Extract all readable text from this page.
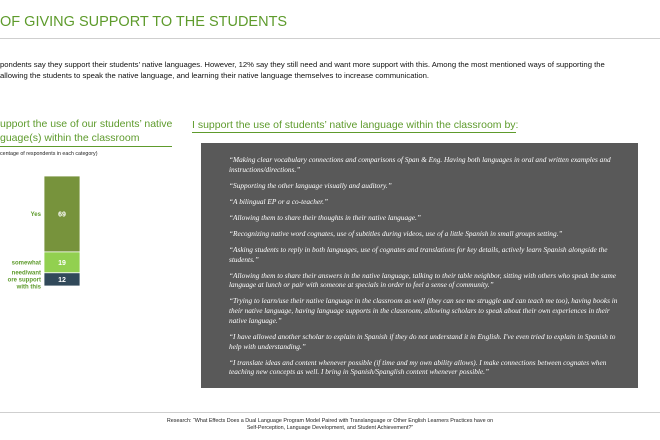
OF GIVING SUPPORT TO THE STUDENTS
pondents say they support their students’ native languages. However, 12% say they still need and want more support with this. Among the most mentioned ways of supporting the
allowing the students to speak the native language, and learning their native language themselves to increase communication.
upport the use of our students’ native
guage(s) within the classroom
centage of respondents in each category)
69
19
12
Yes
somewhat
need/want ore support with this
I support the use of students’ native language within the classroom by:

“Making clear vocabulary connections and comparisons of Span & Eng. Having both languages in oral and written examples and instructions/directions.”

“Supporting the other language visually and auditory.”

“A bilingual EP or a co-teacher.”

“Allowing them to share their thoughts in their native language.”

“Recognizing native word cognates, use of subtitles during videos, use of a little Spanish in small groups setting.”

“Asking students to reply in both languages, use of cognates and translations for key details, actively learn Spanish alongside the students.”

“Allowing them to share their answers in the native language, talking to their table neighbor, sitting with others who speak the same language at lunch or pair with someone at specials in order to feel a sense of community.”

“Trying to learn/use their native language in the classroom as well (they can see me struggle and can teach me too), having books in their native language, having language supports in the classroom, allowing scholars to speak about their own experiences in their native language.”

“I have allowed another scholar to explain in Spanish if they do not understand it in English. I've even tried to explain in Spanish to help with understanding.”

“I translate ideas and content whenever possible (if time and my own ability allows). I make connections between cognates when teaching new concepts as well. I bring in Spanish/Spanglish content whenever possible.”

Research: “What Effects Does a Dual Language Program Model Paired with Translanguage or Other English Learners Practices have on
Self-Perception, Language Development, and Student Achievement?”
